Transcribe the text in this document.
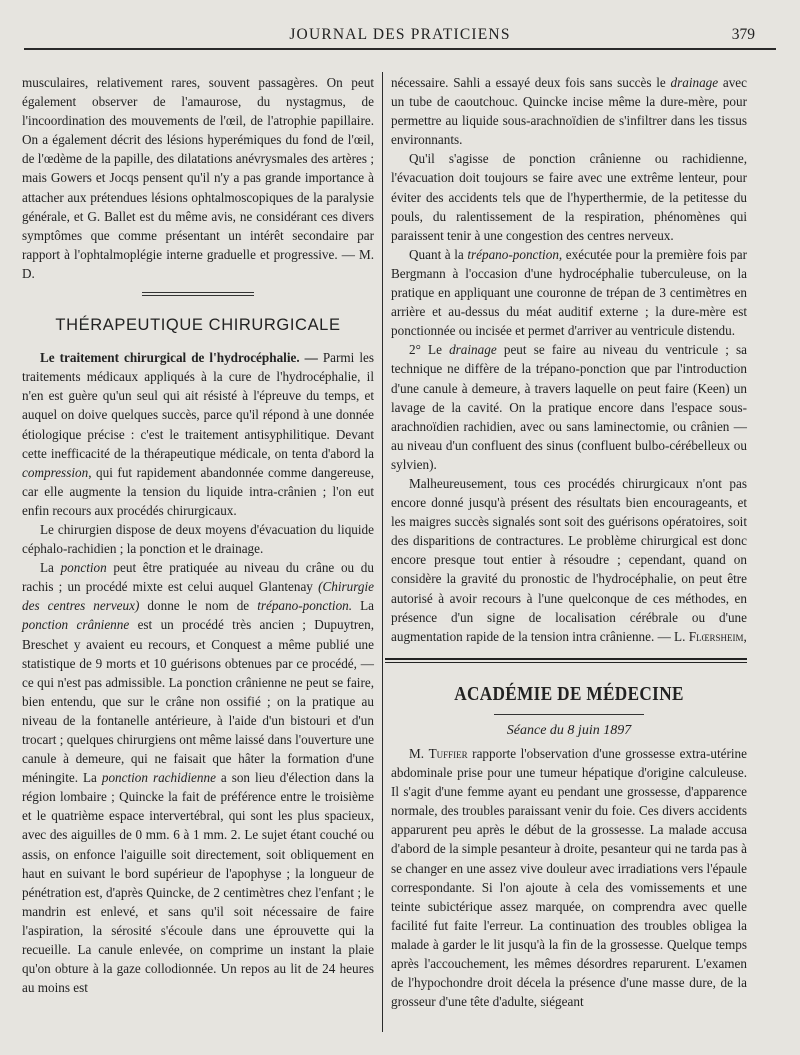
JOURNAL DES PRATICIENS	379

musculaires, relativement rares, souvent passagères. On peut également observer de l'amaurose, du nystagmus, de l'incoordination des mouvements de l'œil, de l'atrophie papillaire. On a également décrit des lésions hyperémiques du fond de l'œil, de l'œdème de la papille, des dilatations anévrysmales des artères ; mais Gowers et Jocqs pensent qu'il n'y a pas grande importance à attacher aux prétendues lésions ophtalmoscopiques de la paralysie générale, et G. Ballet est du même avis, ne considérant ces divers symptômes que comme présentant un intérêt secondaire par rapport à l'ophtalmoplégie interne graduelle et progressive. — M. D.

THÉRAPEUTIQUE CHIRURGICALE

Le traitement chirurgical de l'hydrocéphalie. — Parmi les traitements médicaux appliqués à la cure de l'hydrocéphalie, il n'en est guère qu'un seul qui ait résisté à l'épreuve du temps, et auquel on doive quelques succès, parce qu'il répond à une donnée étiologique précise : c'est le traitement antisyphilitique. Devant cette inefficacité de la thérapeutique médicale, on tenta d'abord la compression, qui fut rapidement abandonnée comme dangereuse, car elle augmente la tension du liquide intra-crânien ; l'on eut enfin recours aux procédés chirurgicaux.

Le chirurgien dispose de deux moyens d'évacuation du liquide céphalo-rachidien ; la ponction et le drainage.

La ponction peut être pratiquée au niveau du crâne ou du rachis ; un procédé mixte est celui auquel Glantenay (Chirurgie des centres nerveux) donne le nom de trépano-ponction. La ponction crânienne est un procédé très ancien ; Dupuytren, Breschet y avaient eu recours, et Conquest a même publié une statistique de 9 morts et 10 guérisons obtenues par ce procédé, — ce qui n'est pas admissible. La ponction crânienne ne peut se faire, bien entendu, que sur le crâne non ossifié ; on la pratique au niveau de la fontanelle antérieure, à l'aide d'un bistouri et d'un trocart ; quelques chirurgiens ont même laissé dans l'ouverture une canule à demeure, qui ne faisait que hâter la formation d'une méningite. La ponction rachidienne a son lieu d'élection dans la région lombaire ; Quincke la fait de préférence entre le troisième et le quatrième espace intervertébral, qui sont les plus spacieux, avec des aiguilles de 0 mm. 6 à 1 mm. 2. Le sujet étant couché ou assis, on enfonce l'aiguille soit directement, soit obliquement en haut en suivant le bord supérieur de l'apophyse ; la longueur de pénétration est, d'après Quincke, de 2 centimètres chez l'enfant ; le mandrin est enlevé, et sans qu'il soit nécessaire de faire l'aspiration, la sérosité s'écoule dans une éprouvette qui la recueille. La canule enlevée, on comprime un instant la plaie qu'on obture à la gaze collodionnée. Un repos au lit de 24 heures au moins est

nécessaire. Sahli a essayé deux fois sans succès le drainage avec un tube de caoutchouc. Quincke incise même la dure-mère, pour permettre au liquide sous-arachnoïdien de s'infiltrer dans les tissus environnants.

Qu'il s'agisse de ponction crânienne ou rachidienne, l'évacuation doit toujours se faire avec une extrême lenteur, pour éviter des accidents tels que de l'hyperthermie, de la petitesse du pouls, du ralentissement de la respiration, phénomènes qui paraissent tenir à une congestion des centres nerveux.

Quant à la trépano-ponction, exécutée pour la première fois par Bergmann à l'occasion d'une hydrocéphalie tuberculeuse, on la pratique en appliquant une couronne de trépan de 3 centimètres en arrière et au-dessus du méat auditif externe ; la dure-mère est ponctionnée ou incisée et permet d'arriver au ventricule distendu.

2° Le drainage peut se faire au niveau du ventricule ; sa technique ne diffère de la trépano-ponction que par l'introduction d'une canule à demeure, à travers laquelle on peut faire (Keen) un lavage de la cavité. On la pratique encore dans l'espace sous-arachnoïdien rachidien, avec ou sans laminectomie, ou crânien — au niveau d'un confluent des sinus (confluent bulbo-cérébelleux ou sylvien).

Malheureusement, tous ces procédés chirurgicaux n'ont pas encore donné jusqu'à présent des résultats bien encourageants, et les maigres succès signalés sont soit des guérisons opératoires, soit des disparitions de contractures. Le problème chirurgical est donc encore presque tout entier à résoudre ; cependant, quand on considère la gravité du pronostic de l'hydrocéphalie, on peut être autorisé à avoir recours à l'une quelconque de ces méthodes, en présence d'un signe de localisation cérébrale ou d'une augmentation rapide de la tension intra crânienne. — L. Flœrsheim,

ACADÉMIE DE MÉDECINE
Séance du 8 juin 1897

M. Tuffier rapporte l'observation d'une grossesse extra-utérine abdominale prise pour une tumeur hépatique d'origine calculeuse. Il s'agit d'une femme ayant eu pendant une grossesse, d'apparence normale, des troubles paraissant venir du foie. Ces divers accidents apparurent peu après le début de la grossesse. La malade accusa d'abord de la simple pesanteur à droite, pesanteur qui ne tarda pas à se changer en une assez vive douleur avec irradiations vers l'épaule correspondante. Si l'on ajoute à cela des vomissements et une teinte subictérique assez marquée, on comprendra avec quelle facilité fut faite l'erreur. La continuation des troubles obligea la malade à garder le lit jusqu'à la fin de la grossesse. Quelque temps après l'accouchement, les mêmes désordres reparurent. L'examen de l'hypochondre droit décela la présence d'une masse dure, de la grosseur d'une tête d'adulte, siégeant
